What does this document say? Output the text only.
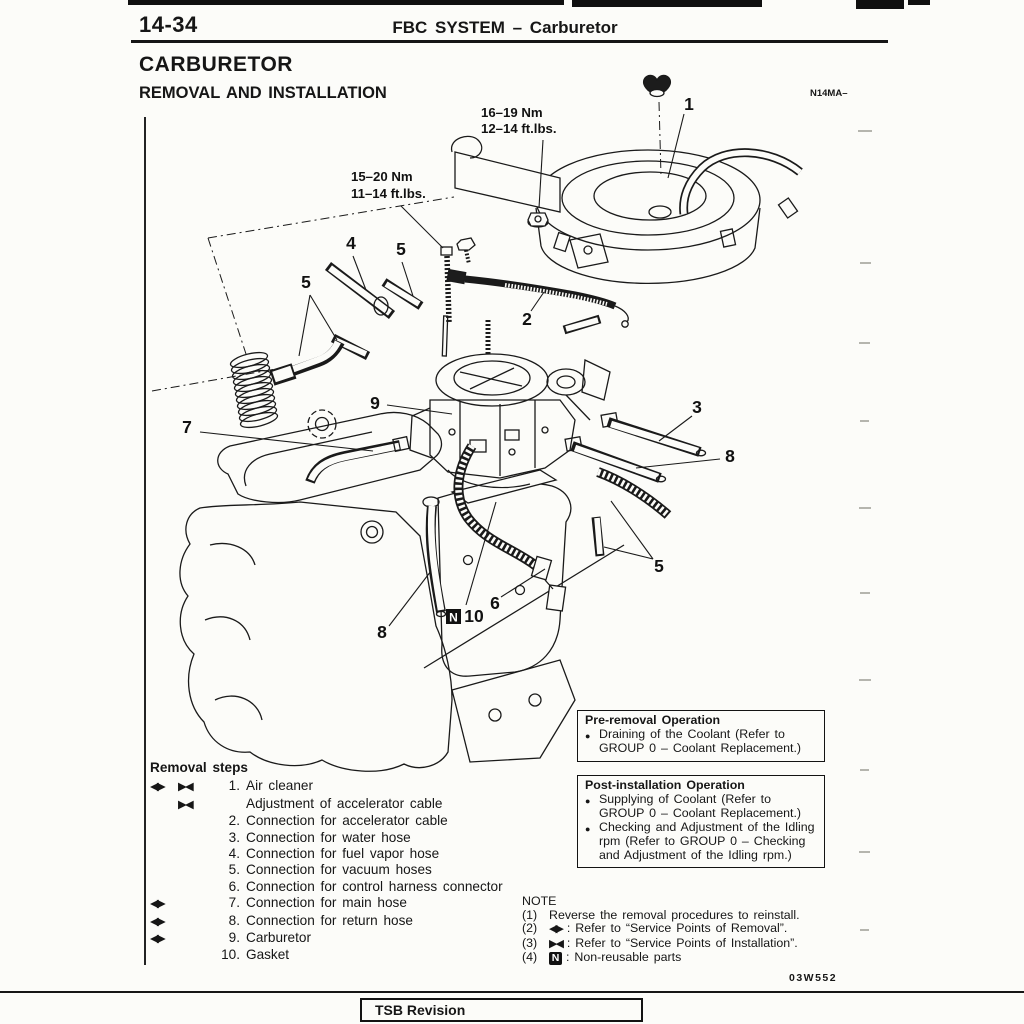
14-34	FBC SYSTEM – Carburetor
CARBURETOR
REMOVAL AND INSTALLATION	N14MA–
16–19 Nm
12–14 ft.lbs.
15–20 Nm
11–14 ft.lbs.
1
2
3
4 5
5
5
6
7
8
8
9
N 10
Removal steps
◀▶	▶◀	1. Air cleaner
▶◀	Adjustment of accelerator cable
2. Connection for accelerator cable
3. Connection for water hose
4. Connection for fuel vapor hose
5. Connection for vacuum hoses
6. Connection for control harness connector
◀▶	7. Connection for main hose
◀▶	8. Connection for return hose
◀▶	9. Carburetor
10. Gasket
Pre-removal Operation
● Draining of the Coolant (Refer to GROUP 0 – Coolant Replacement.)
Post-installation Operation
● Supplying of Coolant (Refer to GROUP 0 – Coolant Replacement.)
● Checking and Adjustment of the Idling rpm (Refer to GROUP 0 – Checking and Adjustment of the Idling rpm.)
NOTE
(1) Reverse the removal procedures to reinstall.
(2)	◀▶ : Refer to “Service Points of Removal”.
(3)	▶◀ : Refer to “Service Points of Installation”.
(4)	N : Non-reusable parts
03W552
TSB Revision
